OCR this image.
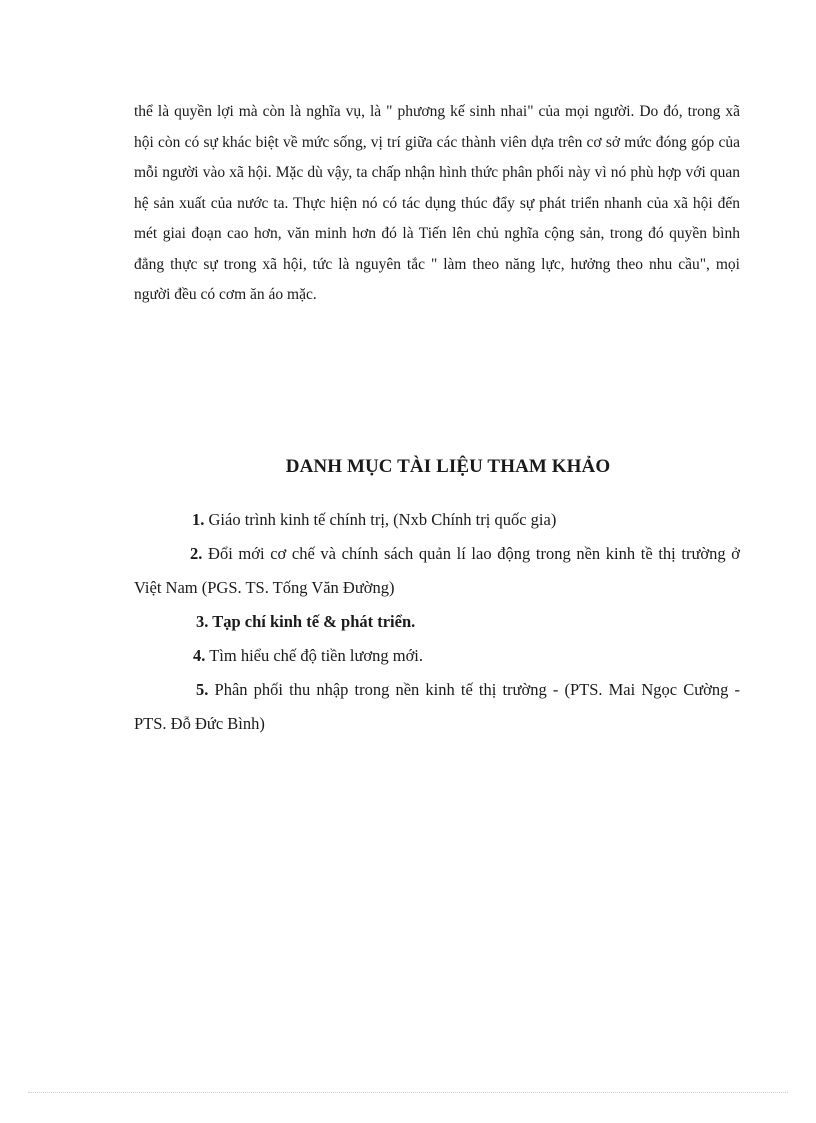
thể là quyền lợi mà còn là nghĩa vụ, là " phương kế sinh nhai" của mọi người. Do đó, trong xã hội còn có sự khác biệt về mức sống, vị trí giữa các thành viên dựa trên cơ sở mức đóng góp của mỗi người vào xã hội. Mặc dù vậy, ta chấp nhận hình thức phân phối này vì nó phù hợp với quan hệ sản xuất của nước ta. Thực hiện nó có tác dụng thúc đẩy sự phát triển nhanh của xã hội đến mét giai đoạn cao hơn, văn minh hơn đó là Tiến lên chủ nghĩa cộng sản, trong đó quyền bình đẳng thực sự trong xã hội, tức là nguyên tắc " làm theo năng lực, hưởng theo nhu cầu", mọi người đều có cơm ăn áo mặc.

DANH MỤC TÀI LIỆU THAM KHẢO
1. Giáo trình kinh tế chính trị, (Nxb Chính trị quốc gia)
2. Đổi mới cơ chế và chính sách quản lí lao động trong nền kinh tề thị trường ở Việt Nam (PGS. TS. Tống Văn Đường)
3. Tạp chí kinh tế & phát triển.
4. Tìm hiểu chế độ tiền lương mới.
5. Phân phối thu nhập trong nền kinh tế thị trường - (PTS. Mai Ngọc Cường - PTS. Đỗ Đức Bình)
